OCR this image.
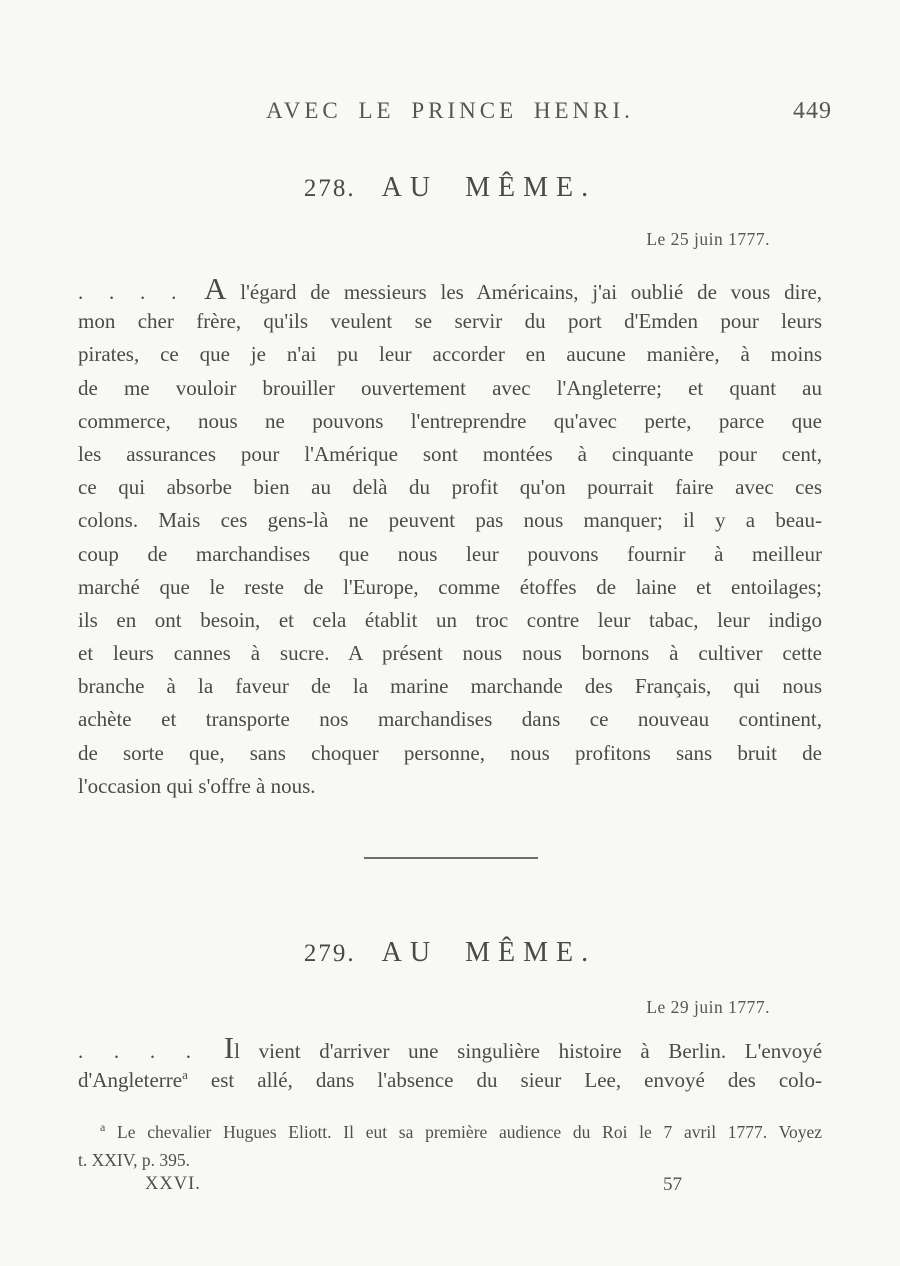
AVEC LE PRINCE HENRI.	449
278. AU MÊME.
Le 25 juin 1777.
. . . . A l'égard de messieurs les Américains, j'ai oublié de vous dire,
mon cher frère, qu'ils veulent se servir du port d'Emden pour leurs
pirates, ce que je n'ai pu leur accorder en aucune manière, à moins
de me vouloir brouiller ouvertement avec l'Angleterre; et quant au
commerce, nous ne pouvons l'entreprendre qu'avec perte, parce que
les assurances pour l'Amérique sont montées à cinquante pour cent,
ce qui absorbe bien au delà du profit qu'on pourrait faire avec ces
colons. Mais ces gens-là ne peuvent pas nous manquer; il y a beau-
coup de marchandises que nous leur pouvons fournir à meilleur
marché que le reste de l'Europe, comme étoffes de laine et entoilages;
ils en ont besoin, et cela établit un troc contre leur tabac, leur indigo
et leurs cannes à sucre. A présent nous nous bornons à cultiver cette
branche à la faveur de la marine marchande des Français, qui nous
achète et transporte nos marchandises dans ce nouveau continent,
de sorte que, sans choquer personne, nous profitons sans bruit de
l'occasion qui s'offre à nous.
279. AU MÊME.
Le 29 juin 1777.
. . . . Il vient d'arriver une singulière histoire à Berlin. L'envoyé
d'Angleterre$^a$ est allé, dans l'absence du sieur Lee, envoyé des colo-
$^a$ Le chevalier Hugues Eliott. Il eut sa première audience du Roi le 7 avril 1777. Voyez
t. XXIV, p. 395.
XXVI.	57
